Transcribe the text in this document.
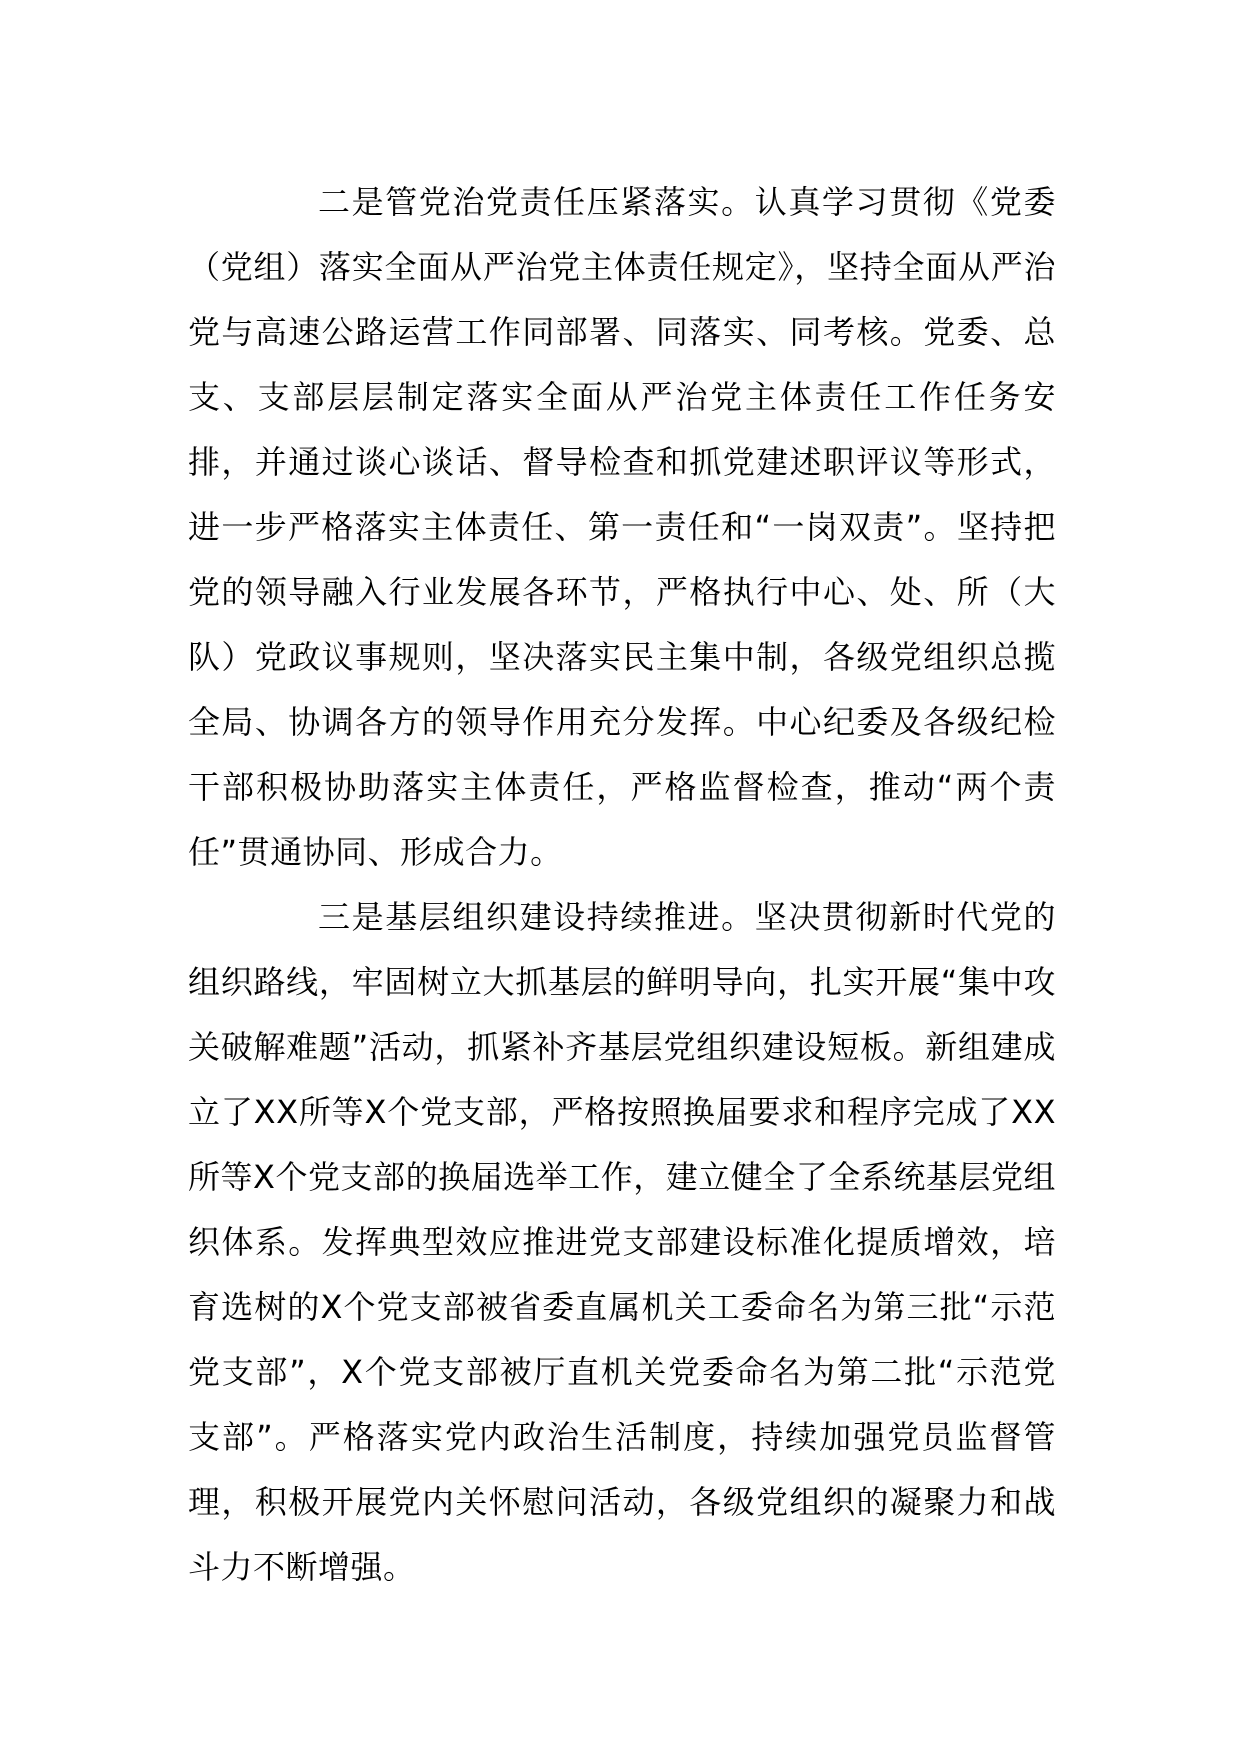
二是管党治党责任压紧落实。认真学习贯彻《党委（党组）落实全面从严治党主体责任规定》，坚持全面从严治党与高速公路运营工作同部署、同落实、同考核。党委、总支、支部层层制定落实全面从严治党主体责任工作任务安排，并通过谈心谈话、督导检查和抓党建述职评议等形式，进一步严格落实主体责任、第一责任和“一岗双责”。坚持把党的领导融入行业发展各环节，严格执行中心、处、所（大队）党政议事规则，坚决落实民主集中制，各级党组织总揽全局、协调各方的领导作用充分发挥。中心纪委及各级纪检干部积极协助落实主体责任，严格监督检查，推动“两个责任”贯通协同、形成合力。

三是基层组织建设持续推进。坚决贯彻新时代党的组织路线，牢固树立大抓基层的鲜明导向，扎实开展“集中攻关破解难题”活动，抓紧补齐基层党组织建设短板。新组建成立了XX所等X个党支部，严格按照换届要求和程序完成了XX所等X个党支部的换届选举工作，建立健全了全系统基层党组织体系。发挥典型效应推进党支部建设标准化提质增效，培育选树的X个党支部被省委直属机关工委命名为第三批“示范党支部”，X个党支部被厅直机关党委命名为第二批“示范党支部”。严格落实党内政治生活制度，持续加强党员监督管理，积极开展党内关怀慰问活动，各级党组织的凝聚力和战斗力不断增强。
